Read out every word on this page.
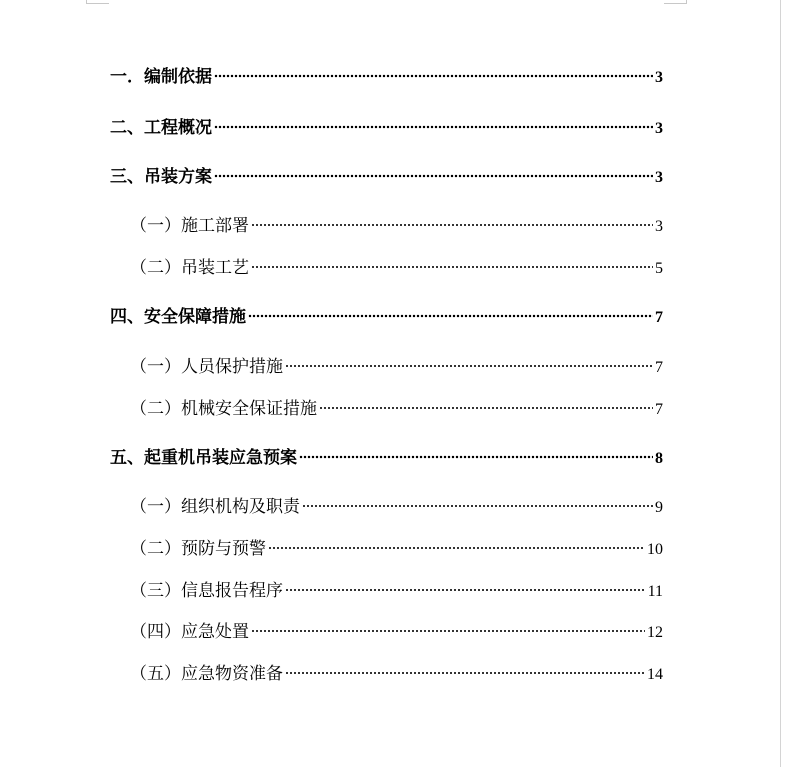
一．编制依据	3
二、工程概况	3
三、吊装方案	3
（一）施工部署	3
（二）吊装工艺	5
四、安全保障措施	7
（一）人员保护措施	7
（二）机械安全保证措施	7
五、起重机吊装应急预案	8
（一）组织机构及职责	9
（二）预防与预警	10
（三）信息报告程序	11
（四）应急处置	12
（五）应急物资准备	14
